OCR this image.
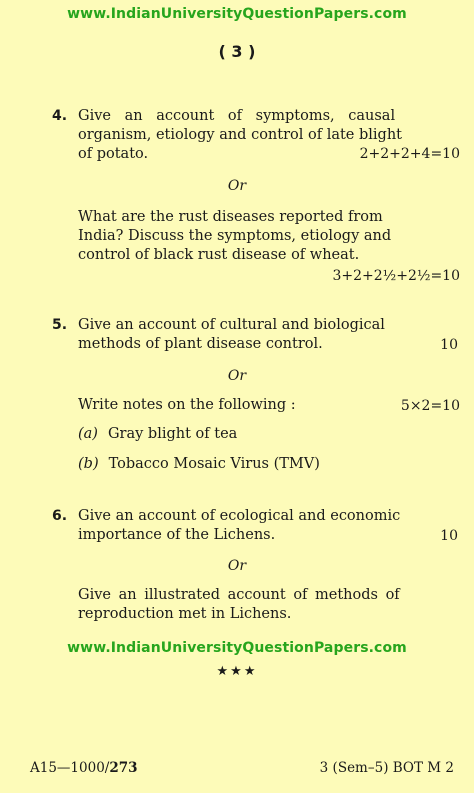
www.IndianUniversityQuestionPapers.com
( 3 )
4. Give an account of symptoms, causal
organism, etiology and control of late blight
of potato.	2+2+2+4=10
Or
What are the rust diseases reported from
India? Discuss the symptoms, etiology and
control of black rust disease of wheat.
3+2+2½+2½=10
5. Give an account of cultural and biological
methods of plant disease control.	10
Or
Write notes on the following :	5×2=10
(a) Gray blight of tea
(b) Tobacco Mosaic Virus (TMV)
6. Give an account of ecological and economic
importance of the Lichens.	10
Or
Give an illustrated account of methods of
reproduction met in Lichens.
www.IndianUniversityQuestionPapers.com
★★★
A15—1000/273	3 (Sem–5) BOT M 2
